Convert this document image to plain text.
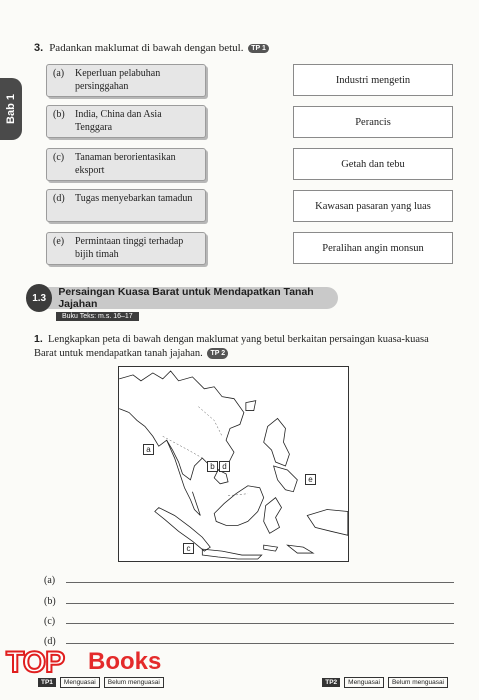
Bab 1
3. Padankan maklumat di bawah dengan betul. TP 1
(a)	Keperluan pelabuhan persinggahan
(b)	India, China dan Asia Tenggara
(c)	Tanaman berorientasikan eksport
(d)	Tugas menyebarkan tamadun
(e)	Permintaan tinggi terhadap bijih timah
Industri mengetin
Perancis
Getah dan tebu
Kawasan pasaran yang luas
Peralihan angin monsun
1.3	Persaingan Kuasa Barat untuk Mendapatkan Tanah Jajahan
Buku Teks: m.s. 16–17
1. Lengkapkan peta di bawah dengan maklumat yang betul berkaitan persaingan kuasa-kuasa Barat untuk mendapatkan tanah jajahan. TP 2
a
b d
e
c
(a)
(b)
(c)
(d)
TP1	Menguasai	Belum menguasai	TP2	Menguasai	Belum menguasai
TOP Books
